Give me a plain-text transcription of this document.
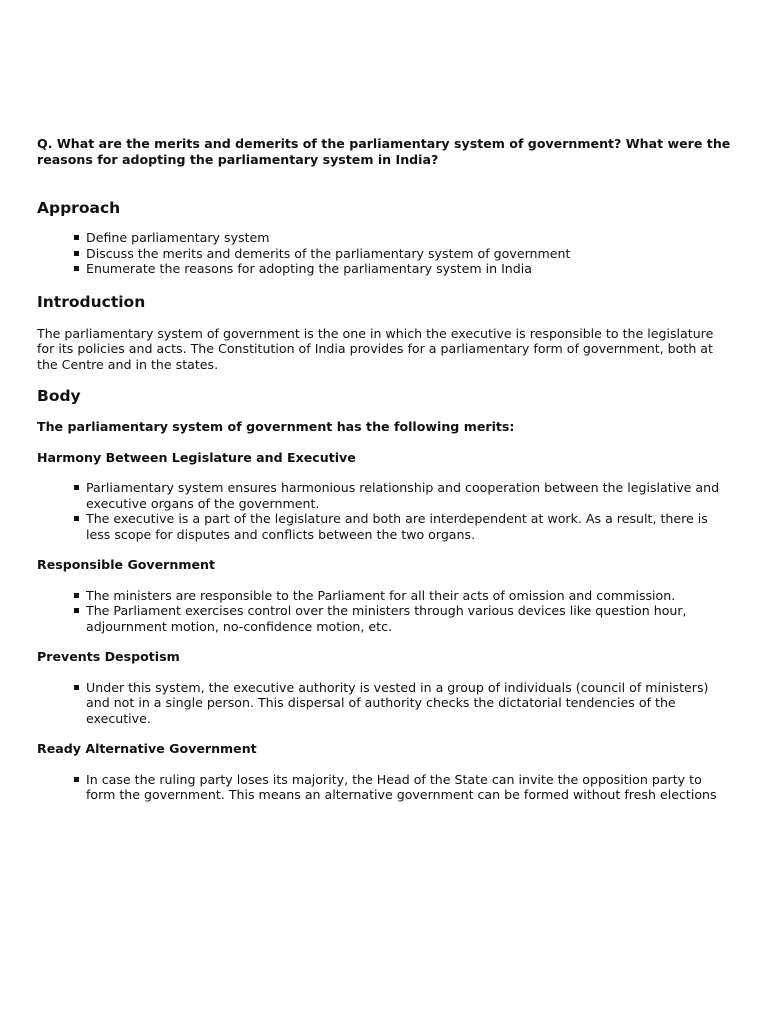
Q. What are the merits and demerits of the parliamentary system of government? What were the reasons for adopting the parliamentary system in India?

Approach
Define parliamentary system
Discuss the merits and demerits of the parliamentary system of government
Enumerate the reasons for adopting the parliamentary system in India
Introduction

The parliamentary system of government is the one in which the executive is responsible to the legislature for its policies and acts. The Constitution of India provides for a parliamentary form of government, both at the Centre and in the states.

Body

The parliamentary system of government has the following merits:

Harmony Between Legislature and Executive

Parliamentary system ensures harmonious relationship and cooperation between the legislative and executive organs of the government.
The executive is a part of the legislature and both are interdependent at work. As a result, there is less scope for disputes and conflicts between the two organs.

Responsible Government

The ministers are responsible to the Parliament for all their acts of omission and commission.
The Parliament exercises control over the ministers through various devices like question hour, adjournment motion, no-confidence motion, etc.

Prevents Despotism

Under this system, the executive authority is vested in a group of individuals (council of ministers) and not in a single person. This dispersal of authority checks the dictatorial tendencies of the executive.

Ready Alternative Government

In case the ruling party loses its majority, the Head of the State can invite the opposition party to form the government. This means an alternative government can be formed without fresh elections
